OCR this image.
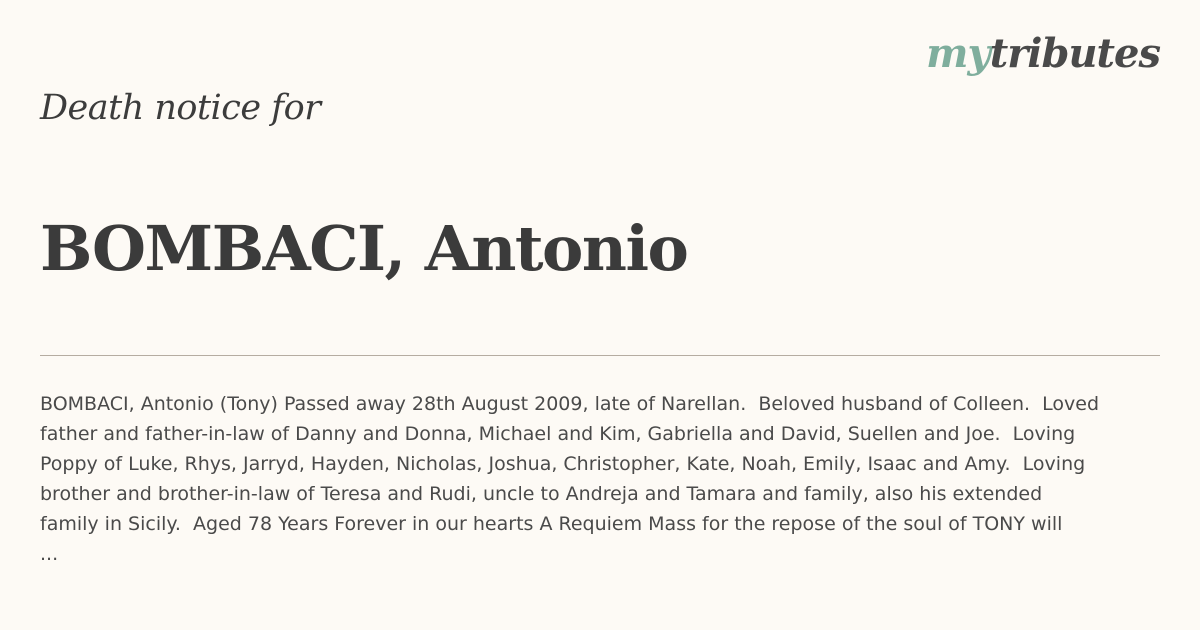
mytributes
Death notice for
BOMBACI, Antonio
BOMBACI, Antonio (Tony) Passed away 28th August 2009, late of Narellan.  Beloved husband of Colleen.  Loved
father and father-in-law of Danny and Donna, Michael and Kim, Gabriella and David, Suellen and Joe.  Loving
Poppy of Luke, Rhys, Jarryd, Hayden, Nicholas, Joshua, Christopher, Kate, Noah, Emily, Isaac and Amy.  Loving
brother and brother-in-law of Teresa and Rudi, uncle to Andreja and Tamara and family, also his extended
family in Sicily.  Aged 78 Years Forever in our hearts A Requiem Mass for the repose of the soul of TONY will
...
